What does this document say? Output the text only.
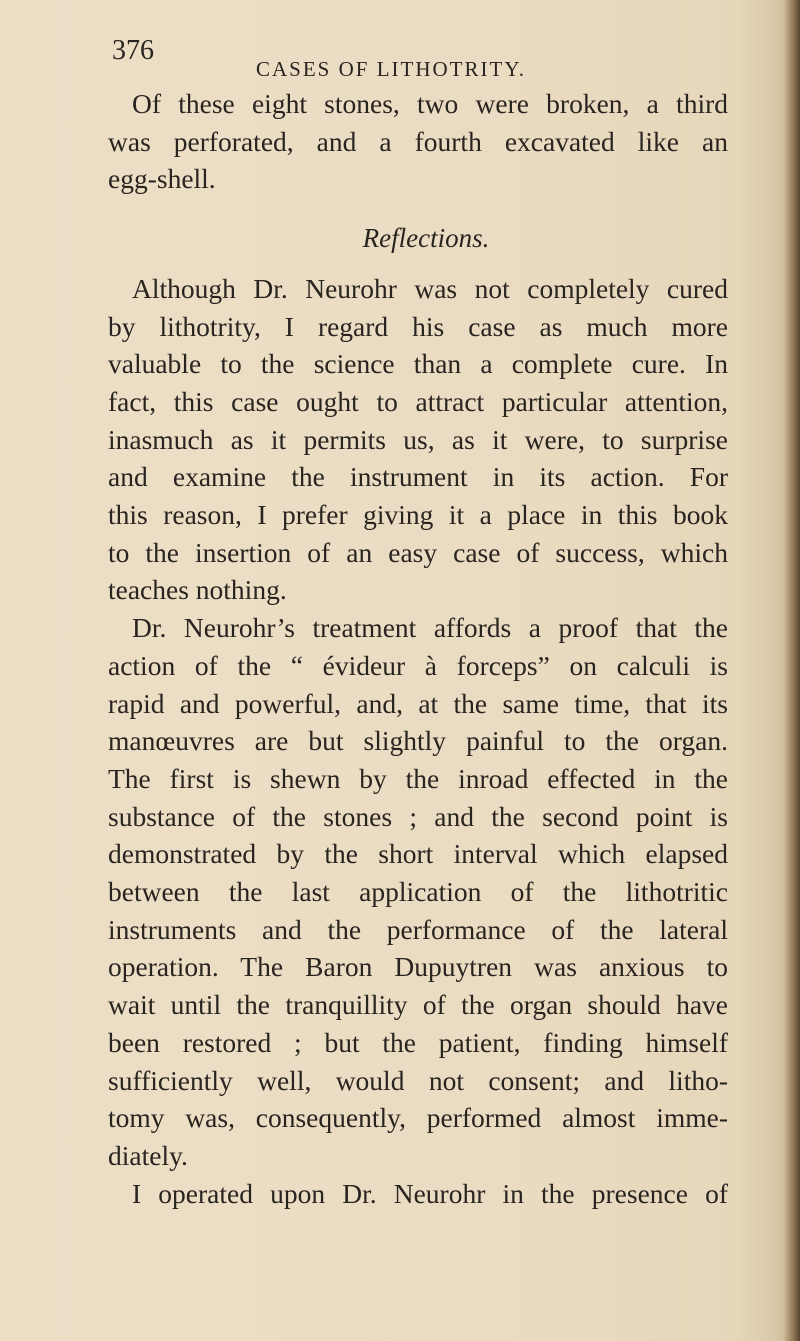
376
CASES OF LITHOTRITY.
Of these eight stones, two were broken, a third
was perforated, and a fourth excavated like an
egg-shell.
Reflections.
Although Dr. Neurohr was not completely cured
by lithotrity, I regard his case as much more
valuable to the science than a complete cure. In
fact, this case ought to attract particular attention,
inasmuch as it permits us, as it were, to surprise
and examine the instrument in its action. For
this reason, I prefer giving it a place in this book
to the insertion of an easy case of success, which
teaches nothing.
Dr. Neurohr’s treatment affords a proof that the
action of the “ évideur à forceps” on calculi is
rapid and powerful, and, at the same time, that its
manœuvres are but slightly painful to the organ.
The first is shewn by the inroad effected in the
substance of the stones ; and the second point is
demonstrated by the short interval which elapsed
between the last application of the lithotritic
instruments and the performance of the lateral
operation. The Baron Dupuytren was anxious to
wait until the tranquillity of the organ should have
been restored ; but the patient, finding himself
sufficiently well, would not consent; and litho-
tomy was, consequently, performed almost imme-
diately.
I operated upon Dr. Neurohr in the presence of
